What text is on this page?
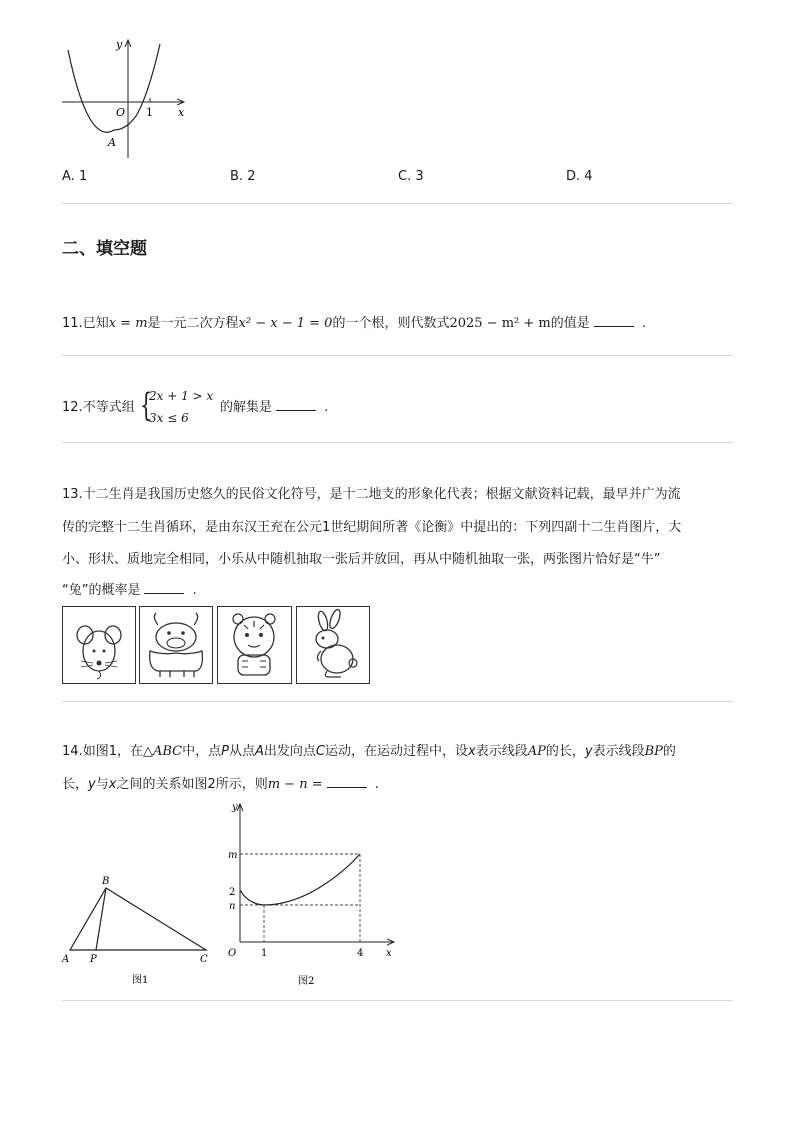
y
x
O 1
A
A. 1	B. 2	C. 3	D. 4
二、填空题
11.已知x = m是一元二次方程x² − x − 1 = 0的一个根，则代数式2025 − m² + m的值是	.
12.不等式组 {
2x + 1 > x
3x ≤ 6
的解集是	.
13.十二生肖是我国历史悠久的民俗文化符号，是十二地支的形象化代表；根据文献资料记载，最早并广为流
传的完整十二生肖循环，是由东汉王充在公元1世纪期间所著《论衡》中提出的：下列四副十二生肖图片，大
小、形状、质地完全相同，小乐从中随机抽取一张后并放回，再从中随机抽取一张，两张图片恰好是“牛”
“兔”的概率是	.
鼠	牛	虎	兔
14.如图1，在△ABC中，点P从点A出发向点C运动，在运动过程中，设x表示线段AP的长，y表示线段BP的
长，y与x之间的关系如图2所示，则m − n =	.
B
A P	C
图1
y
x
O
m
2
n
1	4
图2
